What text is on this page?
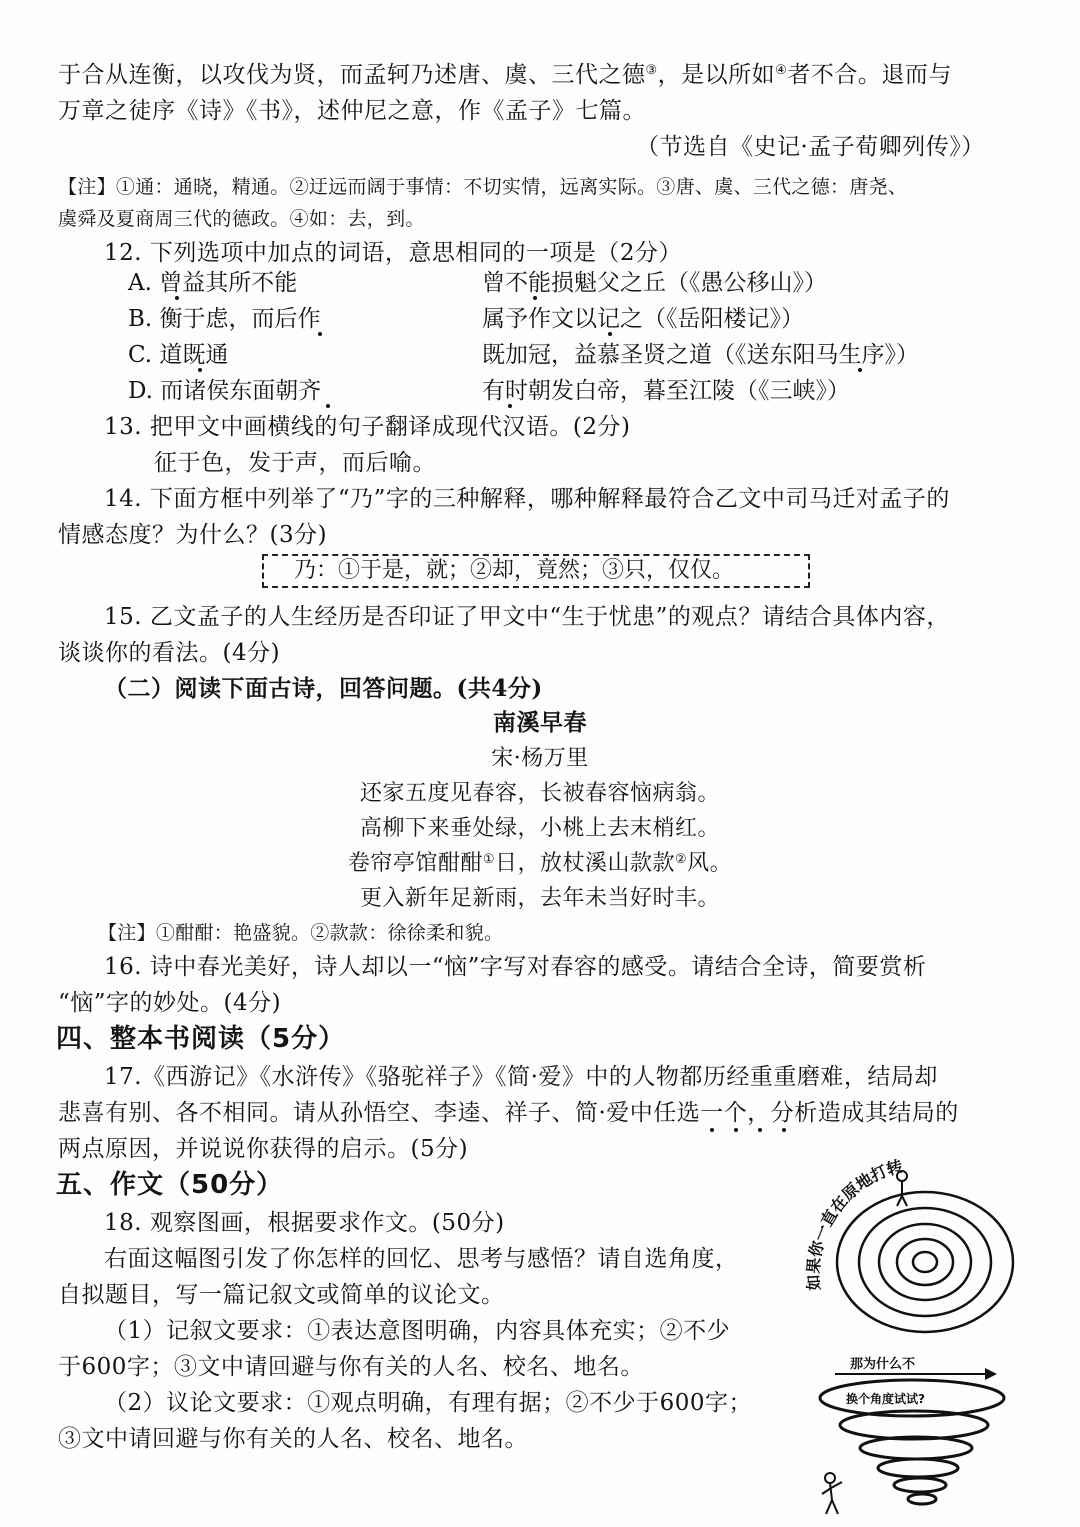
于合从连衡，以攻伐为贤，而孟轲乃述唐、虞、三代之德③，是以所如④者不合。退而与
万章之徒序《诗》《书》，述仲尼之意，作《孟子》七篇。
（节选自《史记·孟子荀卿列传》）
【注】①通：通晓，精通。②迂远而阔于事情：不切实情，远离实际。③唐、虞、三代之德：唐尧、
虞舜及夏商周三代的德政。④如：去，到。
12. 下列选项中加点的词语，意思相同的一项是（2分）
A. 曾益其所不能	曾不能损魁父之丘（《愚公移山》）
B. 衡于虑，而后作	属予作文以记之（《岳阳楼记》）
C. 道既通	既加冠，益慕圣贤之道（《送东阳马生序》）
D. 而诸侯东面朝齐	有时朝发白帝，暮至江陵（《三峡》）
13. 把甲文中画横线的句子翻译成现代汉语。(2分)
征于色，发于声，而后喻。
14. 下面方框中列举了“乃”字的三种解释，哪种解释最符合乙文中司马迁对孟子的
情感态度？为什么？(3分)
乃：①于是，就；②却，竟然；③只，仅仅。
15. 乙文孟子的人生经历是否印证了甲文中“生于忧患”的观点？请结合具体内容，
谈谈你的看法。(4分)
（二）阅读下面古诗，回答问题。(共4分)
南溪早春
宋·杨万里
还家五度见春容，长被春容恼病翁。
高柳下来垂处绿，小桃上去末梢红。
卷帘亭馆酣酣①日，放杖溪山款款②风。
更入新年足新雨，去年未当好时丰。
【注】①酣酣：艳盛貌。②款款：徐徐柔和貌。
16. 诗中春光美好，诗人却以一“恼”字写对春容的感受。请结合全诗，简要赏析
“恼”字的妙处。(4分)
四、整本书阅读（5分）
17.《西游记》《水浒传》《骆驼祥子》《简·爱》中的人物都历经重重磨难，结局却
悲喜有别、各不相同。请从孙悟空、李逵、祥子、简·爱中任选一个，分析造成其结局的
两点原因，并说说你获得的启示。(5分)
五、作文（50分）
18. 观察图画，根据要求作文。(50分)
右面这幅图引发了你怎样的回忆、思考与感悟？请自选角度，
自拟题目，写一篇记叙文或简单的议论文。
（1）记叙文要求：①表达意图明确，内容具体充实；②不少
于600字；③文中请回避与你有关的人名、校名、地名。
（2）议论文要求：①观点明确，有理有据；②不少于600字；
③文中请回避与你有关的人名、校名、地名。
如果你一直在原地打转
那为什么不
换个角度试试?
